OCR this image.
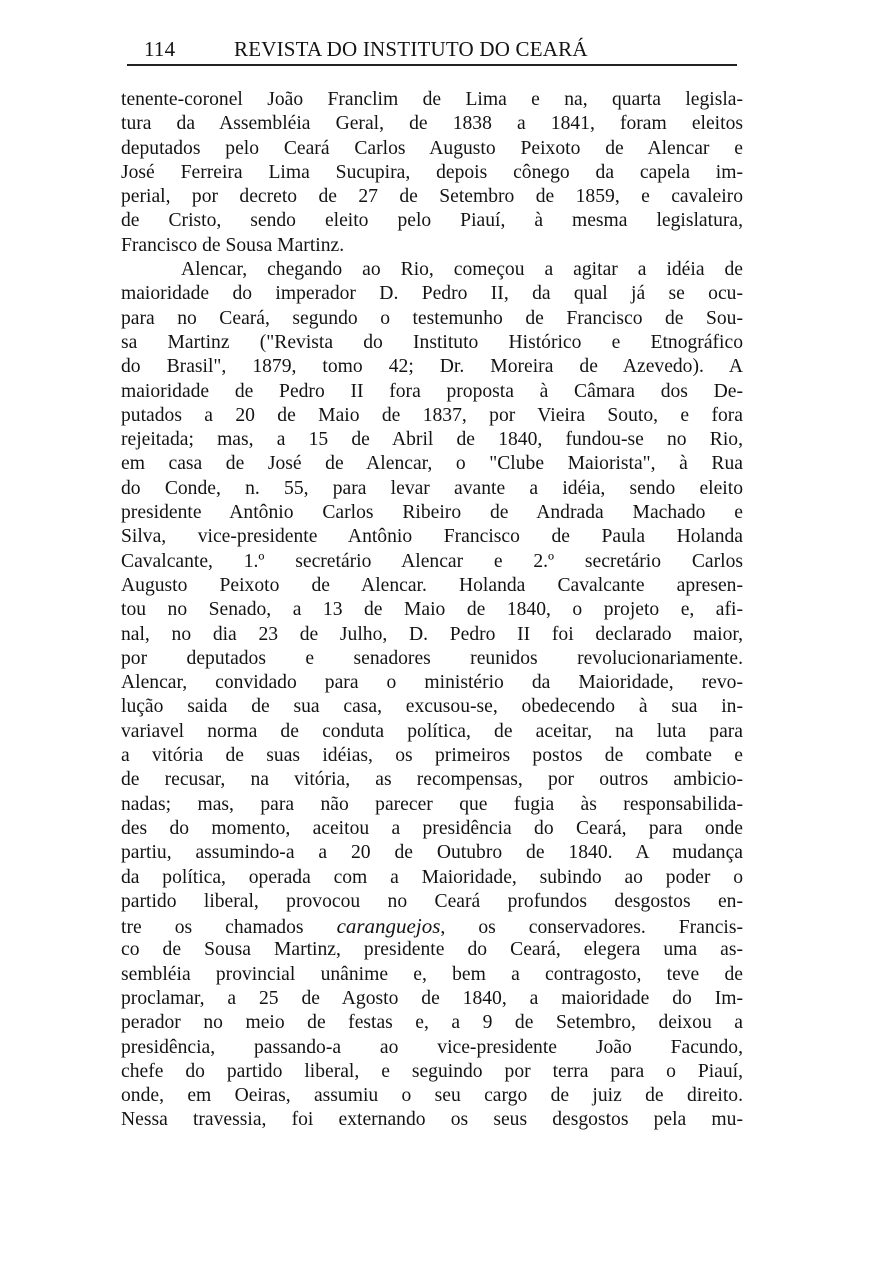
114	REVISTA DO INSTITUTO DO CEARÁ
tenente-coronel João Franclim de Lima e na, quarta legisla-
tura da Assembléia Geral, de 1838 a 1841, foram eleitos
deputados pelo Ceará Carlos Augusto Peixoto de Alencar e
José Ferreira Lima Sucupira, depois cônego da capela im-
perial, por decreto de 27 de Setembro de 1859, e cavaleiro
de Cristo, sendo eleito pelo Piauí, à mesma legislatura,
Francisco de Sousa Martinz.
Alencar, chegando ao Rio, começou a agitar a idéia de
maioridade do imperador D. Pedro II, da qual já se ocu-
para no Ceará, segundo o testemunho de Francisco de Sou-
sa Martinz ("Revista do Instituto Histórico e Etnográfico
do Brasil", 1879, tomo 42; Dr. Moreira de Azevedo). A
maioridade de Pedro II fora proposta à Câmara dos De-
putados a 20 de Maio de 1837, por Vieira Souto, e fora
rejeitada; mas, a 15 de Abril de 1840, fundou-se no Rio,
em casa de José de Alencar, o "Clube Maiorista", à Rua
do Conde, n. 55, para levar avante a idéia, sendo eleito
presidente Antônio Carlos Ribeiro de Andrada Machado e
Silva, vice-presidente Antônio Francisco de Paula Holanda
Cavalcante, 1.º secretário Alencar e 2.º secretário Carlos
Augusto Peixoto de Alencar. Holanda Cavalcante apresen-
tou no Senado, a 13 de Maio de 1840, o projeto e, afi-
nal, no dia 23 de Julho, D. Pedro II foi declarado maior,
por deputados e senadores reunidos revolucionariamente.
Alencar, convidado para o ministério da Maioridade, revo-
lução saida de sua casa, excusou-se, obedecendo à sua in-
variavel norma de conduta política, de aceitar, na luta para
a vitória de suas idéias, os primeiros postos de combate e
de recusar, na vitória, as recompensas, por outros ambicio-
nadas; mas, para não parecer que fugia às responsabilida-
des do momento, aceitou a presidência do Ceará, para onde
partiu, assumindo-a a 20 de Outubro de 1840. A mudança
da política, operada com a Maioridade, subindo ao poder o
partido liberal, provocou no Ceará profundos desgostos en-
tre os chamados caranguejos, os conservadores. Francis-
co de Sousa Martinz, presidente do Ceará, elegera uma as-
sembléia provincial unânime e, bem a contragosto, teve de
proclamar, a 25 de Agosto de 1840, a maioridade do Im-
perador no meio de festas e, a 9 de Setembro, deixou a
presidência, passando-a ao vice-presidente João Facundo,
chefe do partido liberal, e seguindo por terra para o Piauí,
onde, em Oeiras, assumiu o seu cargo de juiz de direito.
Nessa travessia, foi externando os seus desgostos pela mu-
